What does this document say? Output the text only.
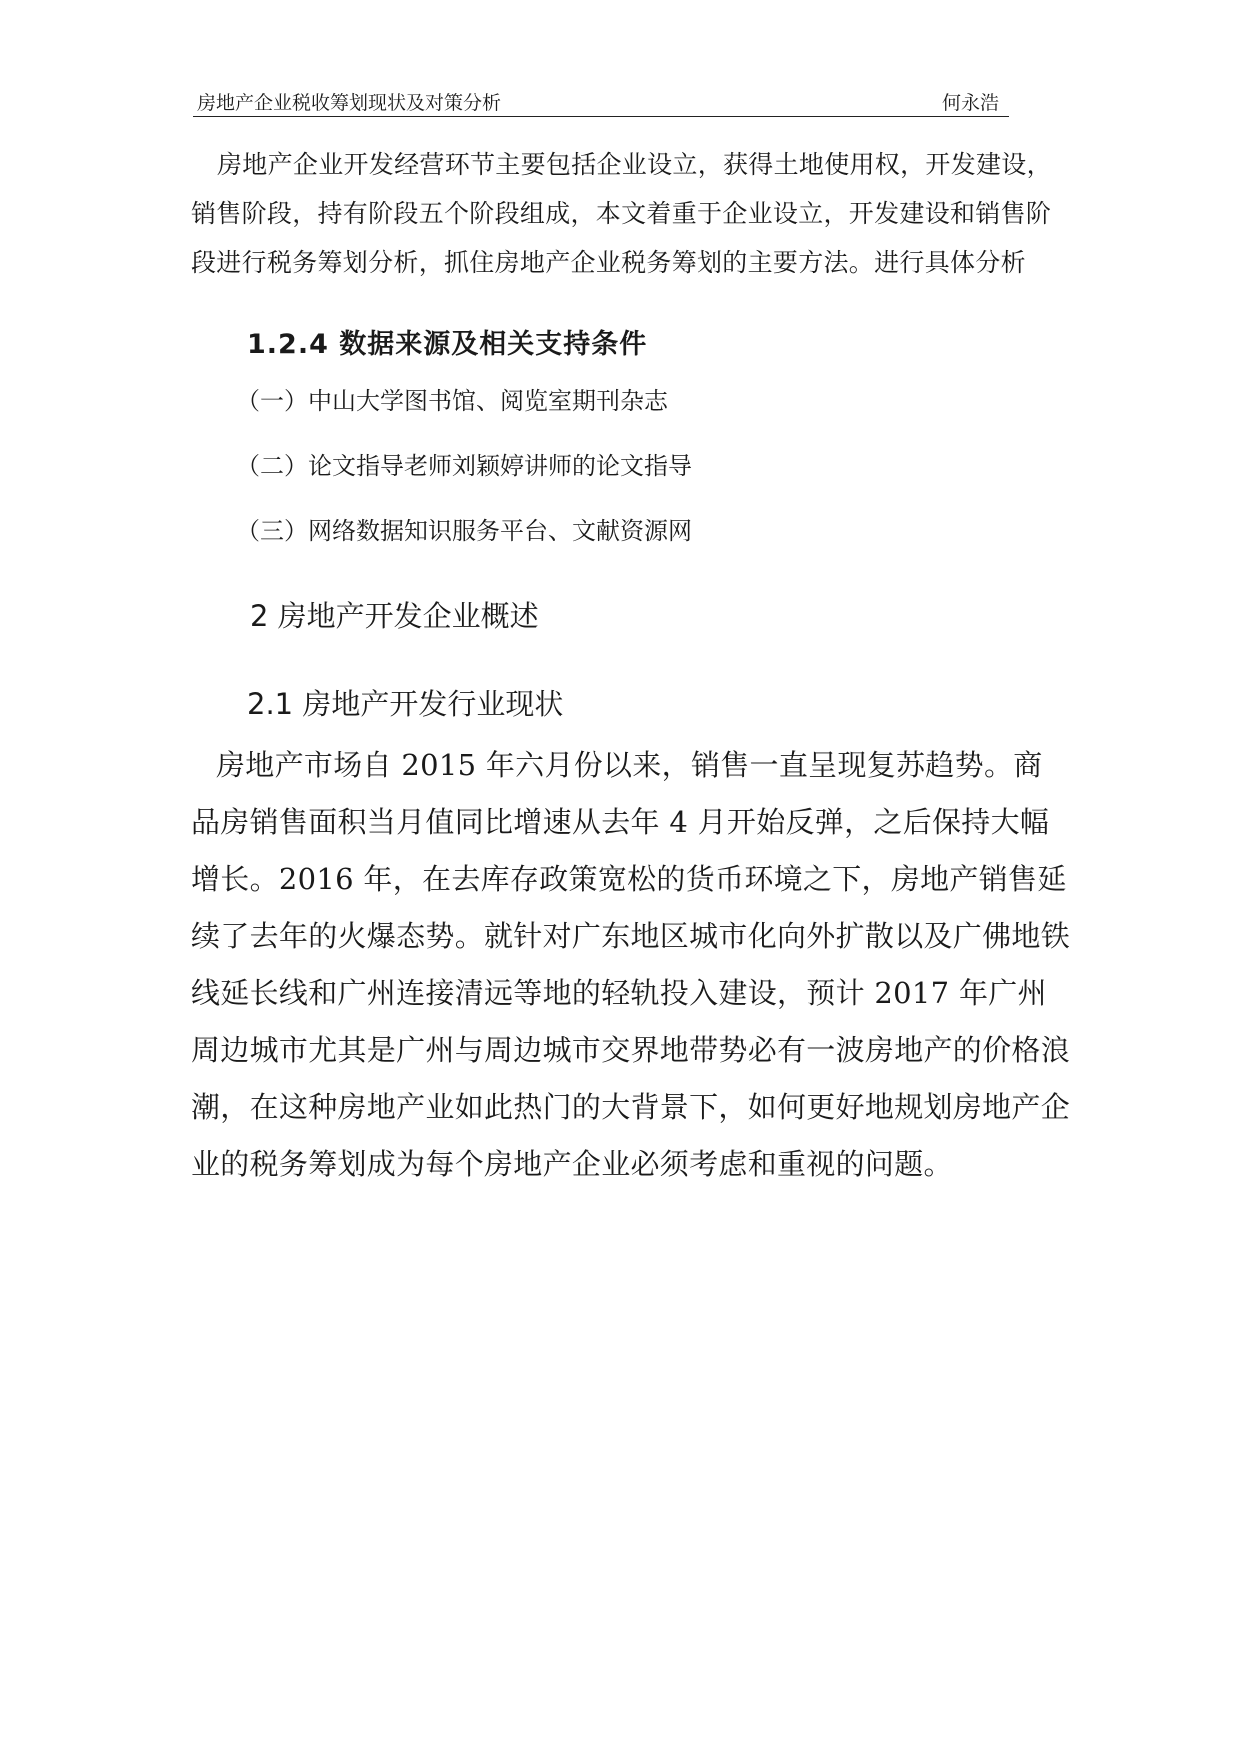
房地产企业税收筹划现状及对策分析	何永浩

房地产企业开发经营环节主要包括企业设立，获得土地使用权，开发建设，销售阶段，持有阶段五个阶段组成，本文着重于企业设立，开发建设和销售阶段进行税务筹划分析，抓住房地产企业税务筹划的主要方法。进行具体分析

1.2.4 数据来源及相关支持条件
（一）中山大学图书馆、阅览室期刊杂志
（二）论文指导老师刘颖婷讲师的论文指导
（三）网络数据知识服务平台、文献资源网
2 房地产开发企业概述
2.1 房地产开发行业现状

房地产市场自 2015 年六月份以来，销售一直呈现复苏趋势。商品房销售面积当月值同比增速从去年 4 月开始反弹，之后保持大幅增长。2016 年，在去库存政策宽松的货币环境之下，房地产销售延续了去年的火爆态势。就针对广东地区城市化向外扩散以及广佛地铁线延长线和广州连接清远等地的轻轨投入建设，预计 2017 年广州周边城市尤其是广州与周边城市交界地带势必有一波房地产的价格浪潮，在这种房地产业如此热门的大背景下，如何更好地规划房地产企业的税务筹划成为每个房地产企业必须考虑和重视的问题。
